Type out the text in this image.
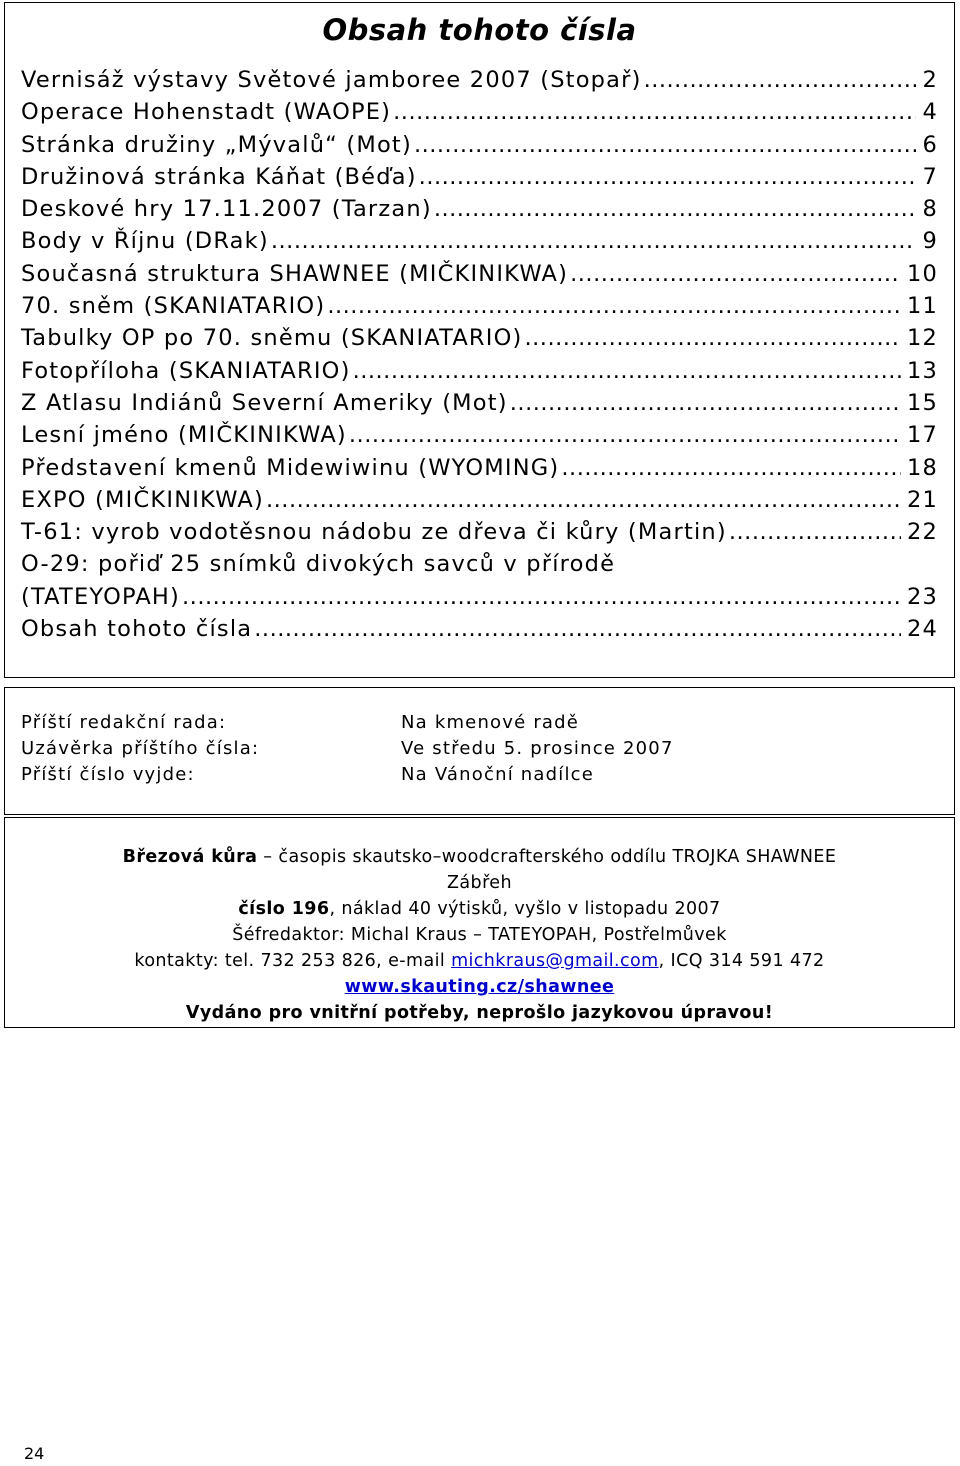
Obsah tohoto čísla
Vernisáž výstavy Světové jamboree 2007 (Stopař) .....	2
Operace Hohenstadt (WAOPE) .....	4
Stránka družiny „Mývalů“ (Mot) .....	6
Družinová stránka Káňat (Béďa) .....	7
Deskové hry 17.11.2007 (Tarzan) .....	8
Body v Říjnu (DRak) .....	9
Současná struktura SHAWNEE (MIČKINIKWA) .....	10
70. sněm (SKANIATARIO) .....	11
Tabulky OP po 70. sněmu (SKANIATARIO) .....	12
Fotopříloha (SKANIATARIO) .....	13
Z Atlasu Indiánů Severní Ameriky (Mot) .....	15
Lesní jméno (MIČKINIKWA) .....	17
Představení kmenů Midewiwinu (WYOMING) .....	18
EXPO (MIČKINIKWA) .....	21
T-61: vyrob vodotěsnou nádobu ze dřeva či kůry (Martin) .....	22
O-29: pořiď 25 snímků divokých savců v přírodě
(TATEYOPAH) .....	23
Obsah tohoto čísla .....	24
Příští redakční rada:	Na kmenové radě
Uzávěrka příštího čísla:	Ve středu 5. prosince 2007
Příští číslo vyjde:	Na Vánoční nadílce
Březová kůra – časopis skautsko–woodcrafterského oddílu TROJKA SHAWNEE
Zábřeh
číslo 196, náklad 40 výtisků, vyšlo v listopadu 2007
Šéfredaktor: Michal Kraus – TATEYOPAH, Postřelmůvek
kontakty: tel. 732 253 826, e-mail michkraus@gmail.com, ICQ 314 591 472
www.skauting.cz/shawnee
Vydáno pro vnitřní potřeby, neprošlo jazykovou úpravou!
24
